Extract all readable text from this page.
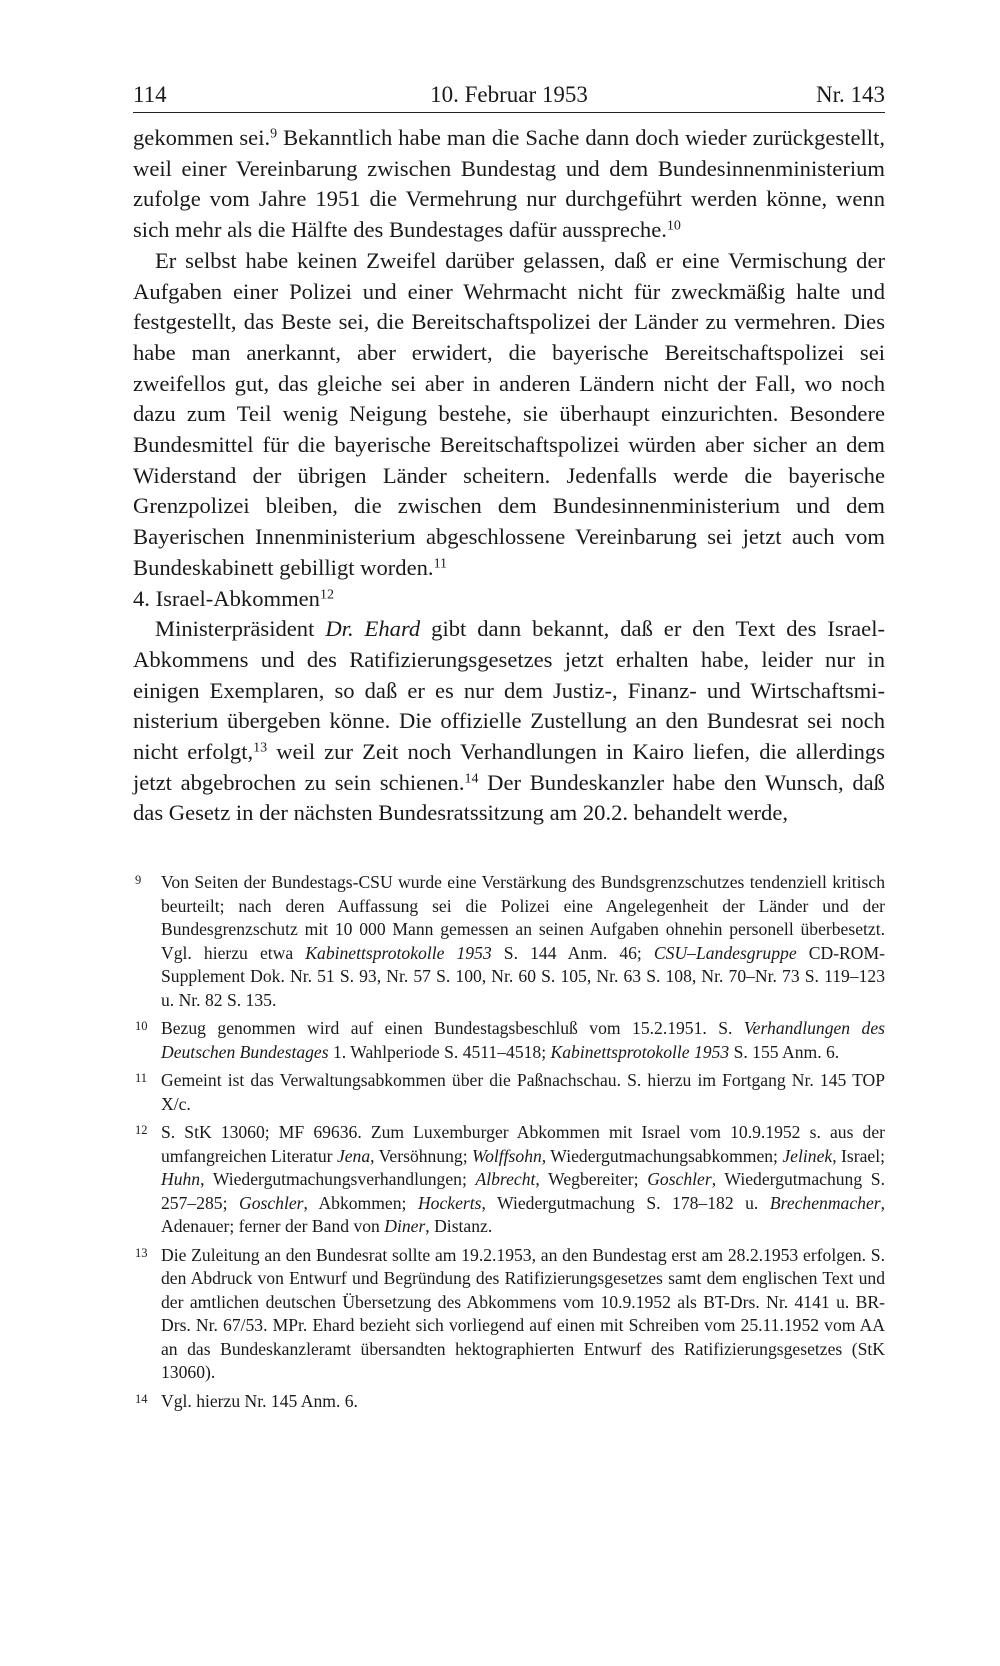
114	10. Februar 1953	Nr. 143

gekommen sei.$^9$ Bekanntlich habe man die Sache dann doch wieder zurückgestellt, weil einer Vereinbarung zwischen Bundestag und dem Bundesinnenministerium zufolge vom Jahre 1951 die Vermehrung nur durchgeführt werden könne, wenn sich mehr als die Hälfte des Bundestages dafür ausspreche.$^{10}$

Er selbst habe keinen Zweifel darüber gelassen, daß er eine Vermischung der Aufgaben einer Polizei und einer Wehrmacht nicht für zweckmäßig halte und festgestellt, das Beste sei, die Bereitschaftspolizei der Länder zu vermehren. Dies habe man anerkannt, aber erwidert, die bayerische Bereitschaftspolizei sei zweifellos gut, das gleiche sei aber in anderen Ländern nicht der Fall, wo noch dazu zum Teil wenig Neigung bestehe, sie überhaupt einzurichten. Besondere Bundesmittel für die bayerische Bereitschaftspolizei würden aber sicher an dem Widerstand der übrigen Länder scheitern. Jedenfalls werde die bayerische Grenzpolizei bleiben, die zwischen dem Bundesinnenministerium und dem Bayerischen Innenministerium abgeschlossene Vereinbarung sei jetzt auch vom Bundeskabinett gebilligt worden.$^{11}$

4. Israel-Abkommen$^{12}$

Ministerpräsident Dr. Ehard gibt dann bekannt, daß er den Text des Israel-Abkommens und des Ratifizierungsgesetzes jetzt erhalten habe, leider nur in einigen Exemplaren, so daß er es nur dem Justiz-, Finanz- und Wirtschaftsministerium übergeben könne. Die offizielle Zustellung an den Bundesrat sei noch nicht erfolgt,$^{13}$ weil zur Zeit noch Verhandlungen in Kairo liefen, die allerdings jetzt abgebrochen zu sein schienen.$^{14}$ Der Bundeskanzler habe den Wunsch, daß das Gesetz in der nächsten Bundesratssitzung am 20.2. behandelt werde,

9	Von Seiten der Bundestags-CSU wurde eine Verstärkung des Bundsgrenzschutzes tendenziell kritisch beurteilt; nach deren Auffassung sei die Polizei eine Angelegenheit der Länder und der Bundesgrenzschutz mit 10 000 Mann gemessen an seinen Aufgaben ohnehin personell überbesetzt. Vgl. hierzu etwa Kabinettsprotokolle 1953 S. 144 Anm. 46; CSU–Landesgruppe CD-ROM-Supplement Dok. Nr. 51 S. 93, Nr. 57 S. 100, Nr. 60 S. 105, Nr. 63 S. 108, Nr. 70–Nr. 73 S. 119–123 u. Nr. 82 S. 135.
10 Bezug genommen wird auf einen Bundestagsbeschluß vom 15.2.1951. S. Verhandlungen des Deutschen Bundestages 1. Wahlperiode S. 4511–4518; Kabinettsprotokolle 1953 S. 155 Anm. 6.
11 Gemeint ist das Verwaltungsabkommen über die Paßnachschau. S. hierzu im Fortgang Nr. 145 TOP X/c.
12 S. StK 13060; MF 69636. Zum Luxemburger Abkommen mit Israel vom 10.9.1952 s. aus der umfangreichen Literatur Jena, Versöhnung; Wolffsohn, Wiedergutmachungsabkommen; Jelinek, Israel; Huhn, Wiedergutmachungsverhandlungen; Albrecht, Wegbereiter; Goschler, Wiedergutmachung S. 257–285; Goschler, Abkommen; Hockerts, Wiedergutmachung S. 178–182 u. Brechenmacher, Adenauer; ferner der Band von Diner, Distanz.
13 Die Zuleitung an den Bundesrat sollte am 19.2.1953, an den Bundestag erst am 28.2.1953 erfolgen. S. den Abdruck von Entwurf und Begründung des Ratifizierungsgesetzes samt dem englischen Text und der amtlichen deutschen Übersetzung des Abkommens vom 10.9.1952 als BT-Drs. Nr. 4141 u. BR-Drs. Nr. 67/53. MPr. Ehard bezieht sich vorliegend auf einen mit Schreiben vom 25.11.1952 vom AA an das Bundeskanzleramt übersandten hektographierten Entwurf des Ratifizierungsgesetzes (StK 13060).
14 Vgl. hierzu Nr. 145 Anm. 6.
